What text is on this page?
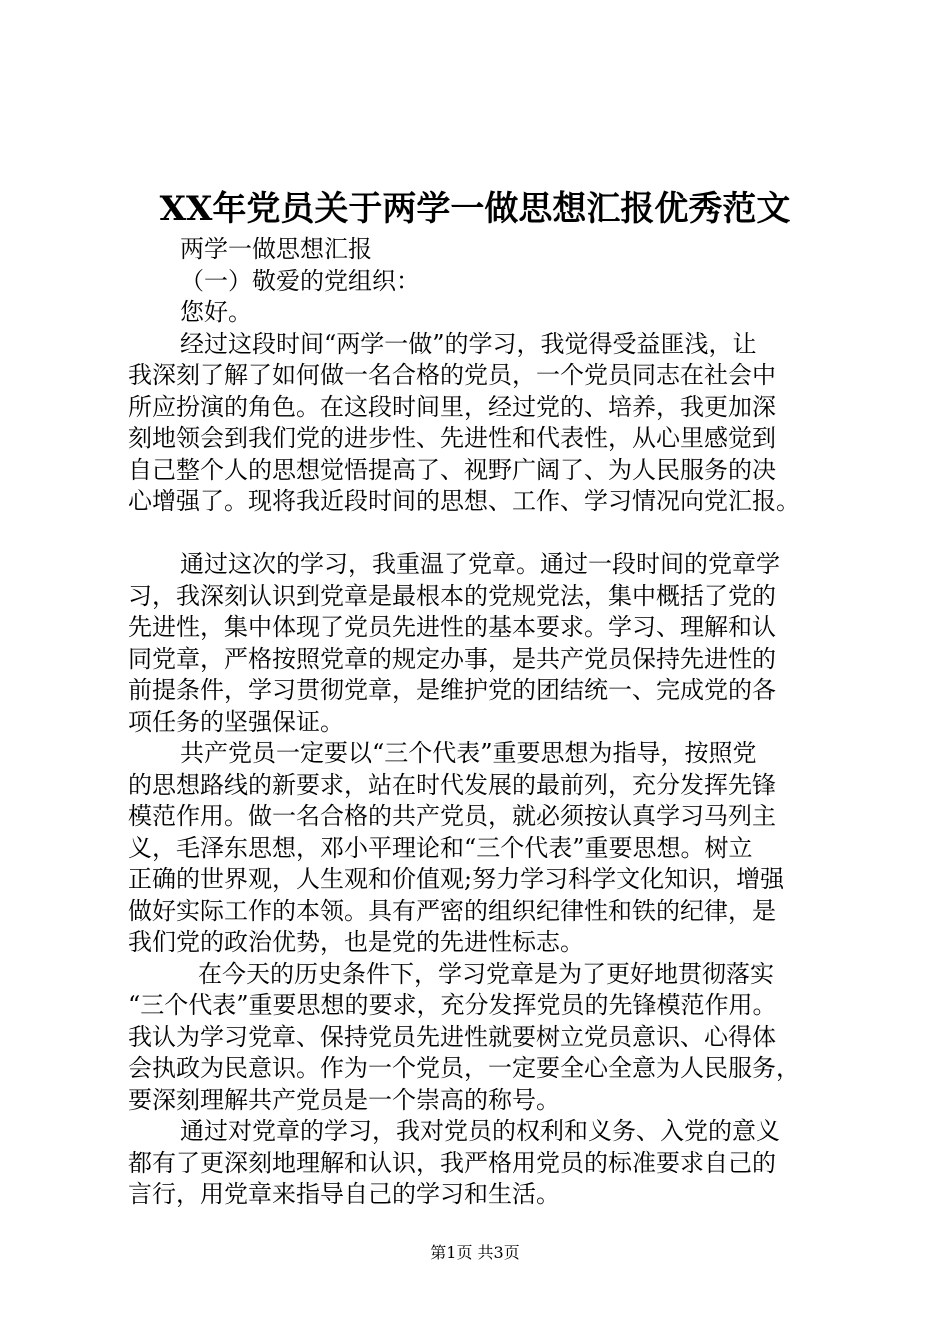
XX年党员关于两学一做思想汇报优秀范文
两学一做思想汇报
（一）敬爱的党组织：
您好。
经过这段时间“两学一做”的学习，我觉得受益匪浅，让
我深刻了解了如何做一名合格的党员，一个党员同志在社会中
所应扮演的角色。在这段时间里，经过党的、培养，我更加深
刻地领会到我们党的进步性、先进性和代表性，从心里感觉到
自己整个人的思想觉悟提高了、视野广阔了、为人民服务的决
心增强了。现将我近段时间的思想、工作、学习情况向党汇报。
通过这次的学习，我重温了党章。通过一段时间的党章学
习，我深刻认识到党章是最根本的党规党法，集中概括了党的
先进性，集中体现了党员先进性的基本要求。学习、理解和认
同党章，严格按照党章的规定办事，是共产党员保持先进性的
前提条件，学习贯彻党章，是维护党的团结统一、完成党的各
项任务的坚强保证。
共产党员一定要以“三个代表”重要思想为指导，按照党
的思想路线的新要求，站在时代发展的最前列，充分发挥先锋
模范作用。做一名合格的共产党员，就必须按认真学习马列主
义，毛泽东思想，邓小平理论和“三个代表”重要思想。树立
正确的世界观，人生观和价值观;努力学习科学文化知识，增强
做好实际工作的本领。具有严密的组织纪律性和铁的纪律，是
我们党的政治优势，也是党的先进性标志。
在今天的历史条件下，学习党章是为了更好地贯彻落实
“三个代表”重要思想的要求，充分发挥党员的先锋模范作用。
我认为学习党章、保持党员先进性就要树立党员意识、心得体
会执政为民意识。作为一个党员，一定要全心全意为人民服务，
要深刻理解共产党员是一个崇高的称号。
通过对党章的学习，我对党员的权利和义务、入党的意义
都有了更深刻地理解和认识，我严格用党员的标准要求自己的
言行，用党章来指导自己的学习和生活。
第1页 共3页
